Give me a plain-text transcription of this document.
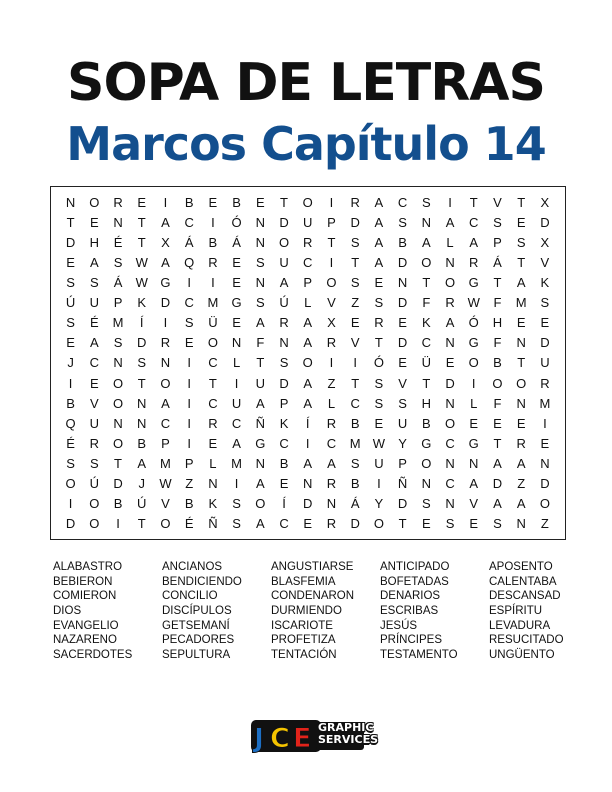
SOPA DE LETRAS
Marcos Capítulo 14
N	O	R	E	I	B	E	B	E	T	O	I	R	A	C	S	I	T	V	T	X
T	E	N	T	A	C	I	Ó	N	D	U	P	D	A	S	N	A	C	S	E	D
D	H	É	T	X	Á	B	Á	N	O	R	T	S	A	B	A	L	A	P	S	X
E	A	S W A	Q	R	E	S	U	C	I	T	A	D	O	N	R	Á	T	V
S	S	Á W G	I	I	E	N	A	P	O	S	E	N	T	O	G	T	A	K
Ú	U	P	K	D	C	M G	S	Ú	L	V	Z	S	D	F	R W	F	M	S
S	É	M	Í	I	S	Ü	E	A	R	A	X	E	R	E	K	A	Ó	H	E	E
E	A	S	D	R	E	O	N	F	N	A	R	V	T	D	C	N	G	F	N	D
J	C	N	S	N	I	C	L	T	S	O	I	I	Ó	E	Ü	E	O	B	T	U
I	E	O	T	O	I	T	I	U	D	A	Z	T	S	V	T	D	I	O	O	R
B	V	O	N	A	I	C	U	A	P	A	L	C	S	S	H	N	L	F	N	M
Q	U	N	N	C	I	R	C	Ñ	K	Í	R	B	E	U	B	O	E	E	E	I
É	R	O	B	P	I	E	A	G	C	I	C	M W Y	G	C	G	T	R	E
S	S	T	A	M	P	L	M	N	B	A	A	S	U	P	O	N	N	A	A	N
O	Ú	D	J	W	Z	N	I	A	E	N	R	B	I	Ñ	N	C	A	D	Z	D
I	O	B	Ú	V	B	K	S	O	Í	D	N	Á	Y	D	S	N	V	A	A	O
D	O	I	T	O	É	Ñ	S	A	C	E	R	D	O	T	E	S	E	S	N	Z
ALABASTRO	ANCIANOS	ANGUSTIARSE	ANTICIPADO	APOSENTO
BEBIERON	BENDICIENDO	BLASFEMIA	BOFETADAS	CALENTABA
COMIERON	CONCILIO	CONDENARON	DENARIOS	DESCANSAD
DIOS	DISCÍPULOS	DURMIENDO	ESCRIBAS	ESPÍRITU
EVANGELIO	GETSEMANÍ	ISCARIOTE	JESÚS	LEVADURA
NAZARENO	PECADORES	PROFETIZA	PRÍNCIPES	RESUCITADO
SACERDOTES	SEPULTURA	TENTACIÓN	TESTAMENTO	UNGÜENTO
J C E GRAPHIC
SERVICES
